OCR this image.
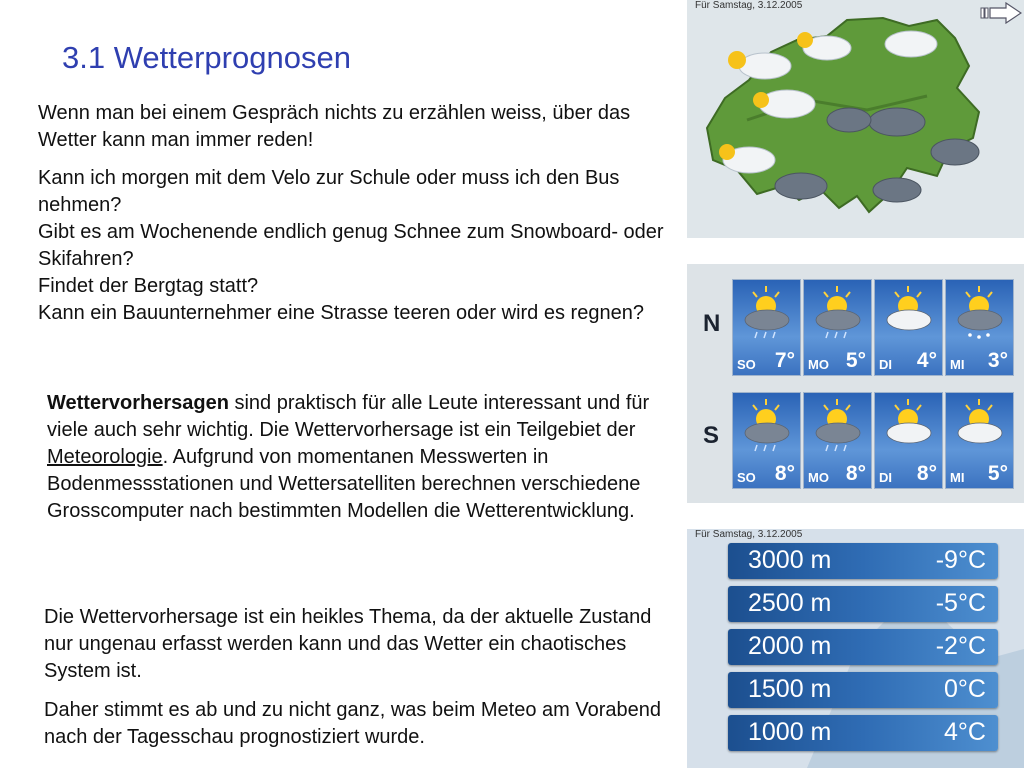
3.1 Wetterprognosen
Wenn man bei einem Gespräch nichts zu erzählen weiss, über das Wetter kann man immer reden!

Kann ich morgen mit dem Velo zur Schule oder muss ich den Bus nehmen?

Gibt es am Wochenende endlich genug Schnee zum Snowboard- oder Skifahren?

Findet der Bergtag statt?

Kann ein Bauunternehmer eine Strasse teeren oder wird es regnen?

Wettervorhersagen sind praktisch für alle Leute interessant und für viele auch sehr wichtig. Die Wettervorhersage ist ein Teilgebiet der Meteorologie. Aufgrund von momentanen Messwerten in Bodenmessstationen und Wettersatelliten berechnen verschiedene Grosscomputer nach bestimmten Modellen die Wetterentwicklung.
Die Wettervorhersage ist ein heikles Thema, da der aktuelle Zustand nur ungenau erfasst werden kann und das Wetter ein chaotisches System ist.
Daher stimmt es ab und zu nicht ganz, was beim Meteo am Vorabend nach der Tagesschau prognostiziert wurde.
Für Samstag, 3.12.2005
N
S
SO 7° MO 5° DI 4° MI 3°
SO 8° MO 8° DI 8° MI 5°
Für Samstag, 3.12.2005
3000 m	-9°C
2500 m	-5°C
2000 m	-2°C
1500 m	0°C
1000 m	4°C
